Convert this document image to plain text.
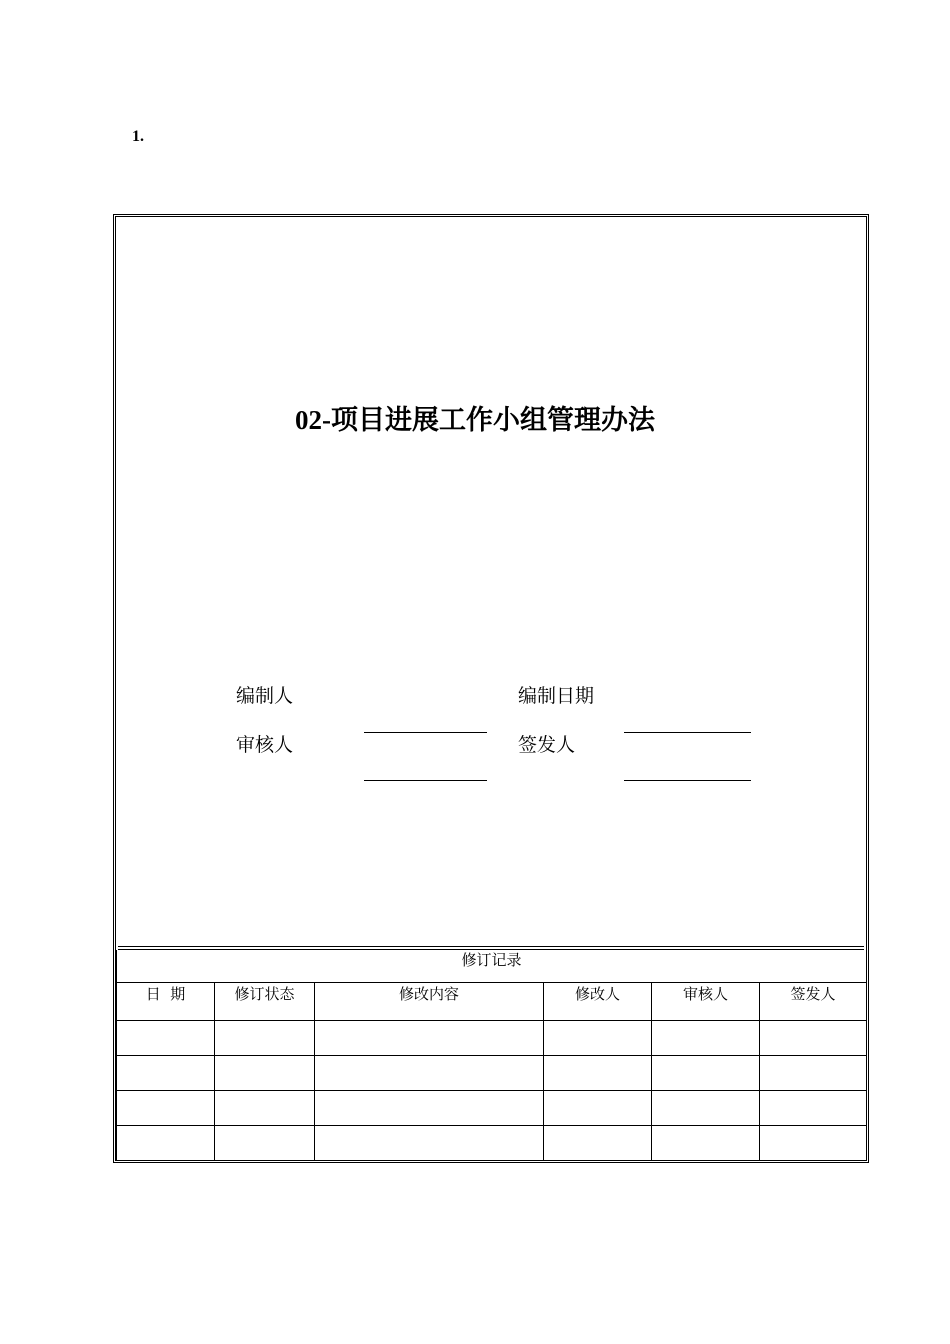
1.
02-项目进展工作小组管理办法
编制人	编制日期
审核人	签发人
修订记录					
日  期	修订状态	修改内容	修改人	审核人	签发人
